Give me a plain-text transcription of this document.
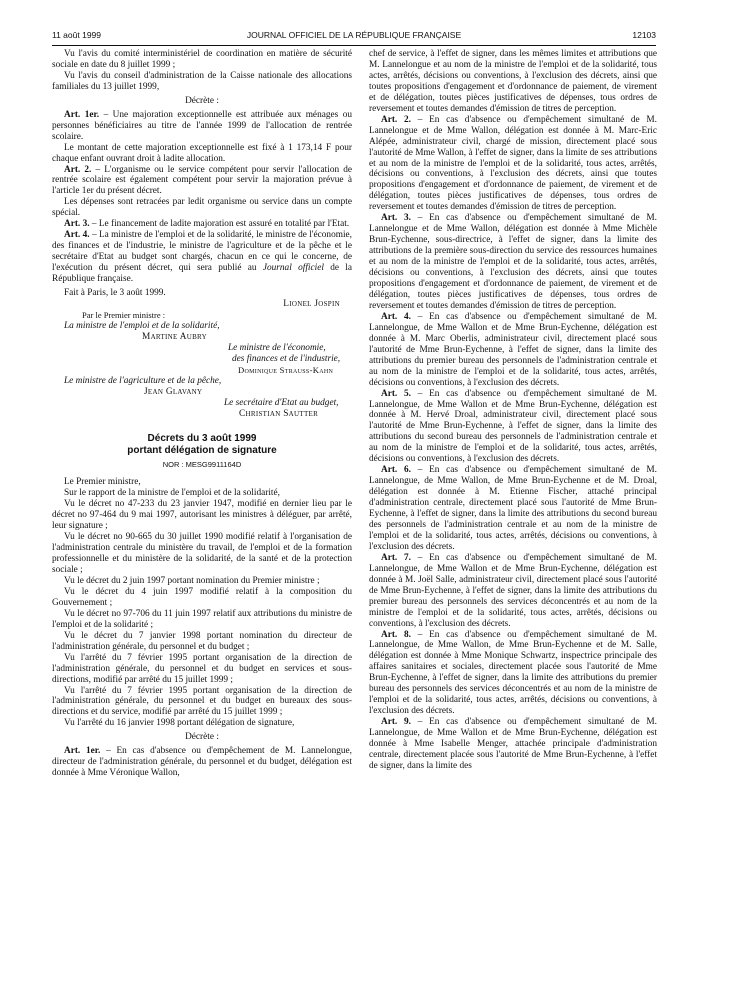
11 août 1999	JOURNAL OFFICIEL DE LA RÉPUBLIQUE FRANÇAISE	12103

Vu l'avis du comité interministériel de coordination en matière de sécurité sociale en date du 8 juillet 1999 ;

Vu l'avis du conseil d'administration de la Caisse nationale des allocations familiales du 13 juillet 1999,

Décrète :

Art. 1er. – Une majoration exceptionnelle est attribuée aux ménages ou personnes bénéficiaires au titre de l'année 1999 de l'allocation de rentrée scolaire.

Le montant de cette majoration exceptionnelle est fixé à 1 173,14 F pour chaque enfant ouvrant droit à ladite allocation.

Art. 2. – L'organisme ou le service compétent pour servir l'allocation de rentrée scolaire est également compétent pour servir la majoration prévue à l'article 1er du présent décret.

Les dépenses sont retracées par ledit organisme ou service dans un compte spécial.

Art. 3. – Le financement de ladite majoration est assuré en totalité par l'Etat.

Art. 4. – La ministre de l'emploi et de la solidarité, le ministre de l'économie, des finances et de l'industrie, le ministre de l'agriculture et de la pêche et le secrétaire d'Etat au budget sont chargés, chacun en ce qui le concerne, de l'exécution du présent décret, qui sera publié au Journal officiel de la République française.

Fait à Paris, le 3 août 1999.

Lionel Jospin

Par le Premier ministre :

La ministre de l'emploi et de la solidarité,

Martine Aubry

Le ministre de l'économie,

des finances et de l'industrie,

Dominique Strauss-Kahn

Le ministre de l'agriculture et de la pêche,

Jean Glavany

Le secrétaire d'Etat au budget,

Christian Sautter

Décrets du 3 août 1999
portant délégation de signature
NOR : MESG9911164D

Le Premier ministre,

Sur le rapport de la ministre de l'emploi et de la solidarité,

Vu le décret no 47-233 du 23 janvier 1947, modifié en dernier lieu par le décret no 97-464 du 9 mai 1997, autorisant les ministres à déléguer, par arrêté, leur signature ;

Vu le décret no 90-665 du 30 juillet 1990 modifié relatif à l'organisation de l'administration centrale du ministère du travail, de l'emploi et de la formation professionnelle et du ministère de la solidarité, de la santé et de la protection sociale ;

Vu le décret du 2 juin 1997 portant nomination du Premier ministre ;

Vu le décret du 4 juin 1997 modifié relatif à la composition du Gouvernement ;

Vu le décret no 97-706 du 11 juin 1997 relatif aux attributions du ministre de l'emploi et de la solidarité ;

Vu le décret du 7 janvier 1998 portant nomination du directeur de l'administration générale, du personnel et du budget ;

Vu l'arrêté du 7 février 1995 portant organisation de la direction de l'administration générale, du personnel et du budget en services et sous-directions, modifié par arrêté du 15 juillet 1999 ;

Vu l'arrêté du 7 février 1995 portant organisation de la direction de l'administration générale, du personnel et du budget en bureaux des sous-directions et du service, modifié par arrêté du 15 juillet 1999 ;

Vu l'arrêté du 16 janvier 1998 portant délégation de signature,

Décrète :

Art. 1er. – En cas d'absence ou d'empêchement de M. Lannelongue, directeur de l'administration générale, du personnel et du budget, délégation est donnée à Mme Véronique Wallon,

chef de service, à l'effet de signer, dans les mêmes limites et attributions que M. Lannelongue et au nom de la ministre de l'emploi et de la solidarité, tous actes, arrêtés, décisions ou conventions, à l'exclusion des décrets, ainsi que toutes propositions d'engagement et d'ordonnance de paiement, de virement et de délégation, toutes pièces justificatives de dépenses, tous ordres de reversement et toutes demandes d'émission de titres de perception.

Art. 2. – En cas d'absence ou d'empêchement simultané de M. Lannelongue et de Mme Wallon, délégation est donnée à M. Marc-Eric Alépée, administrateur civil, chargé de mission, directement placé sous l'autorité de Mme Wallon, à l'effet de signer, dans la limite de ses attributions et au nom de la ministre de l'emploi et de la solidarité, tous actes, arrêtés, décisions ou conventions, à l'exclusion des décrets, ainsi que toutes propositions d'engagement et d'ordonnance de paiement, de virement et de délégation, toutes pièces justificatives de dépenses, tous ordres de reversement et toutes demandes d'émission de titres de perception.

Art. 3. – En cas d'absence ou d'empêchement simultané de M. Lannelongue et de Mme Wallon, délégation est donnée à Mme Michèle Brun-Eychenne, sous-directrice, à l'effet de signer, dans la limite des attributions de la première sous-direction du service des ressources humaines et au nom de la ministre de l'emploi et de la solidarité, tous actes, arrêtés, décisions ou conventions, à l'exclusion des décrets, ainsi que toutes propositions d'engagement et d'ordonnance de paiement, de virement et de délégation, toutes pièces justificatives de dépenses, tous ordres de reversement et toutes demandes d'émission de titres de perception.

Art. 4. – En cas d'absence ou d'empêchement simultané de M. Lannelongue, de Mme Wallon et de Mme Brun-Eychenne, délégation est donnée à M. Marc Oberlis, administrateur civil, directement placé sous l'autorité de Mme Brun-Eychenne, à l'effet de signer, dans la limite des attributions du premier bureau des personnels de l'administration centrale et au nom de la ministre de l'emploi et de la solidarité, tous actes, arrêtés, décisions ou conventions, à l'exclusion des décrets.

Art. 5. – En cas d'absence ou d'empêchement simultané de M. Lannelongue, de Mme Wallon et de Mme Brun-Eychenne, délégation est donnée à M. Hervé Droal, administrateur civil, directement placé sous l'autorité de Mme Brun-Eychenne, à l'effet de signer, dans la limite des attributions du second bureau des personnels de l'administration centrale et au nom de la ministre de l'emploi et de la solidarité, tous actes, arrêtés, décisions ou conventions, à l'exclusion des décrets.

Art. 6. – En cas d'absence ou d'empêchement simultané de M. Lannelongue, de Mme Wallon, de Mme Brun-Eychenne et de M. Droal, délégation est donnée à M. Etienne Fischer, attaché principal d'administration centrale, directement placé sous l'autorité de Mme Brun-Eychenne, à l'effet de signer, dans la limite des attributions du second bureau des personnels de l'administration centrale et au nom de la ministre de l'emploi et de la solidarité, tous actes, arrêtés, décisions ou conventions, à l'exclusion des décrets.

Art. 7. – En cas d'absence ou d'empêchement simultané de M. Lannelongue, de Mme Wallon et de Mme Brun-Eychenne, délégation est donnée à M. Joël Salle, administrateur civil, directement placé sous l'autorité de Mme Brun-Eychenne, à l'effet de signer, dans la limite des attributions du premier bureau des personnels des services déconcentrés et au nom de la ministre de l'emploi et de la solidarité, tous actes, arrêtés, décisions ou conventions, à l'exclusion des décrets.

Art. 8. – En cas d'absence ou d'empêchement simultané de M. Lannelongue, de Mme Wallon, de Mme Brun-Eychenne et de M. Salle, délégation est donnée à Mme Monique Schwartz, inspectrice principale des affaires sanitaires et sociales, directement placée sous l'autorité de Mme Brun-Eychenne, à l'effet de signer, dans la limite des attributions du premier bureau des personnels des services déconcentrés et au nom de la ministre de l'emploi et de la solidarité, tous actes, arrêtés, décisions ou conventions, à l'exclusion des décrets.

Art. 9. – En cas d'absence ou d'empêchement simultané de M. Lannelongue, de Mme Wallon et de Mme Brun-Eychenne, délégation est donnée à Mme Isabelle Menger, attachée principale d'administration centrale, directement placée sous l'autorité de Mme Brun-Eychenne, à l'effet de signer, dans la limite des
